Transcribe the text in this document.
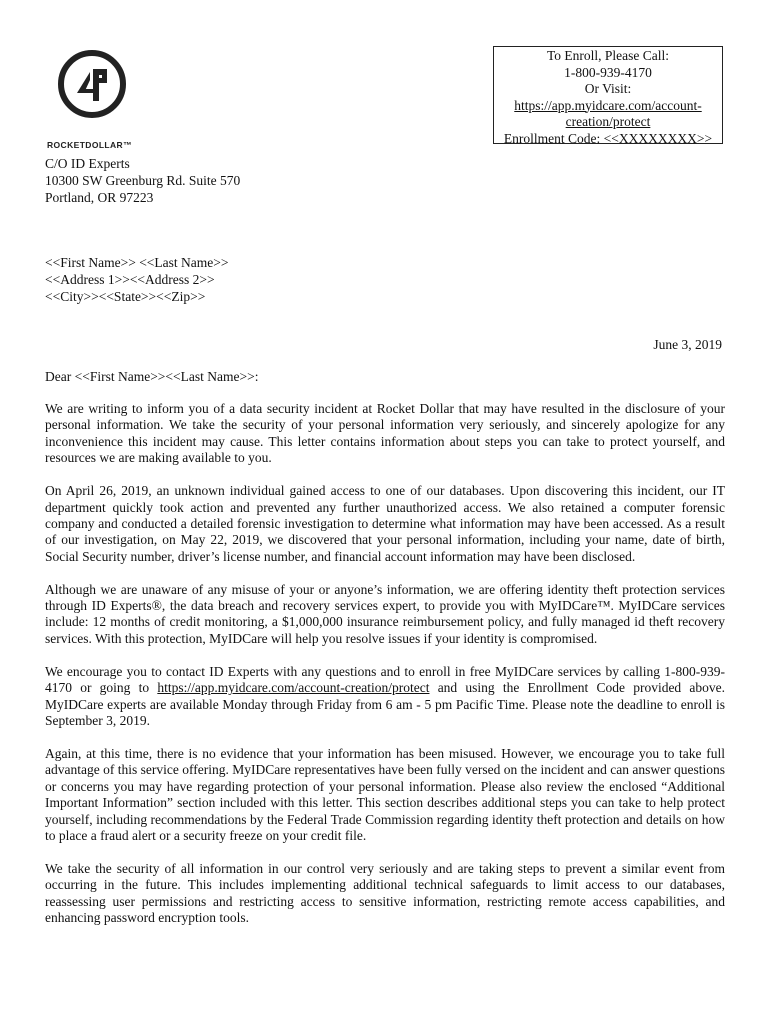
ROCKETDOLLAR™
To Enroll, Please Call:
1-800-939-4170
Or Visit:
https://app.myidcare.com/account-
creation/protect
Enrollment Code: <<XXXXXXXX>>
C/O ID Experts
10300 SW Greenburg Rd. Suite 570
Portland, OR 97223
<<First Name>> <<Last Name>>
<<Address 1>><<Address 2>>
<<City>><<State>><<Zip>>
June 3, 2019
Dear <<First Name>><<Last Name>>:

We are writing to inform you of a data security incident at Rocket Dollar that may have resulted in the disclosure of your personal information. We take the security of your personal information very seriously, and sincerely apologize for any inconvenience this incident may cause. This letter contains information about steps you can take to protect yourself, and resources we are making available to you.

On April 26, 2019, an unknown individual gained access to one of our databases. Upon discovering this incident, our IT department quickly took action and prevented any further unauthorized access. We also retained a computer forensic company and conducted a detailed forensic investigation to determine what information may have been accessed. As a result of our investigation, on May 22, 2019, we discovered that your personal information, including your name, date of birth, Social Security number, driver’s license number, and financial account information may have been disclosed.

Although we are unaware of any misuse of your or anyone’s information, we are offering identity theft protection services through ID Experts®, the data breach and recovery services expert, to provide you with MyIDCare™. MyIDCare services include: 12 months of credit monitoring, a $1,000,000 insurance reimbursement policy, and fully managed id theft recovery services. With this protection, MyIDCare will help you resolve issues if your identity is compromised.

We encourage you to contact ID Experts with any questions and to enroll in free MyIDCare services by calling 1-800-939-4170 or going to https://app.myidcare.com/account-creation/protect and using the Enrollment Code provided above. MyIDCare experts are available Monday through Friday from 6 am - 5 pm Pacific Time. Please note the deadline to enroll is September 3, 2019.

Again, at this time, there is no evidence that your information has been misused. However, we encourage you to take full advantage of this service offering. MyIDCare representatives have been fully versed on the incident and can answer questions or concerns you may have regarding protection of your personal information. Please also review the enclosed “Additional Important Information” section included with this letter. This section describes additional steps you can take to help protect yourself, including recommendations by the Federal Trade Commission regarding identity theft protection and details on how to place a fraud alert or a security freeze on your credit file.

We take the security of all information in our control very seriously and are taking steps to prevent a similar event from occurring in the future. This includes implementing additional technical safeguards to limit access to our databases, reassessing user permissions and restricting access to sensitive information, restricting remote access capabilities, and enhancing password encryption tools.
